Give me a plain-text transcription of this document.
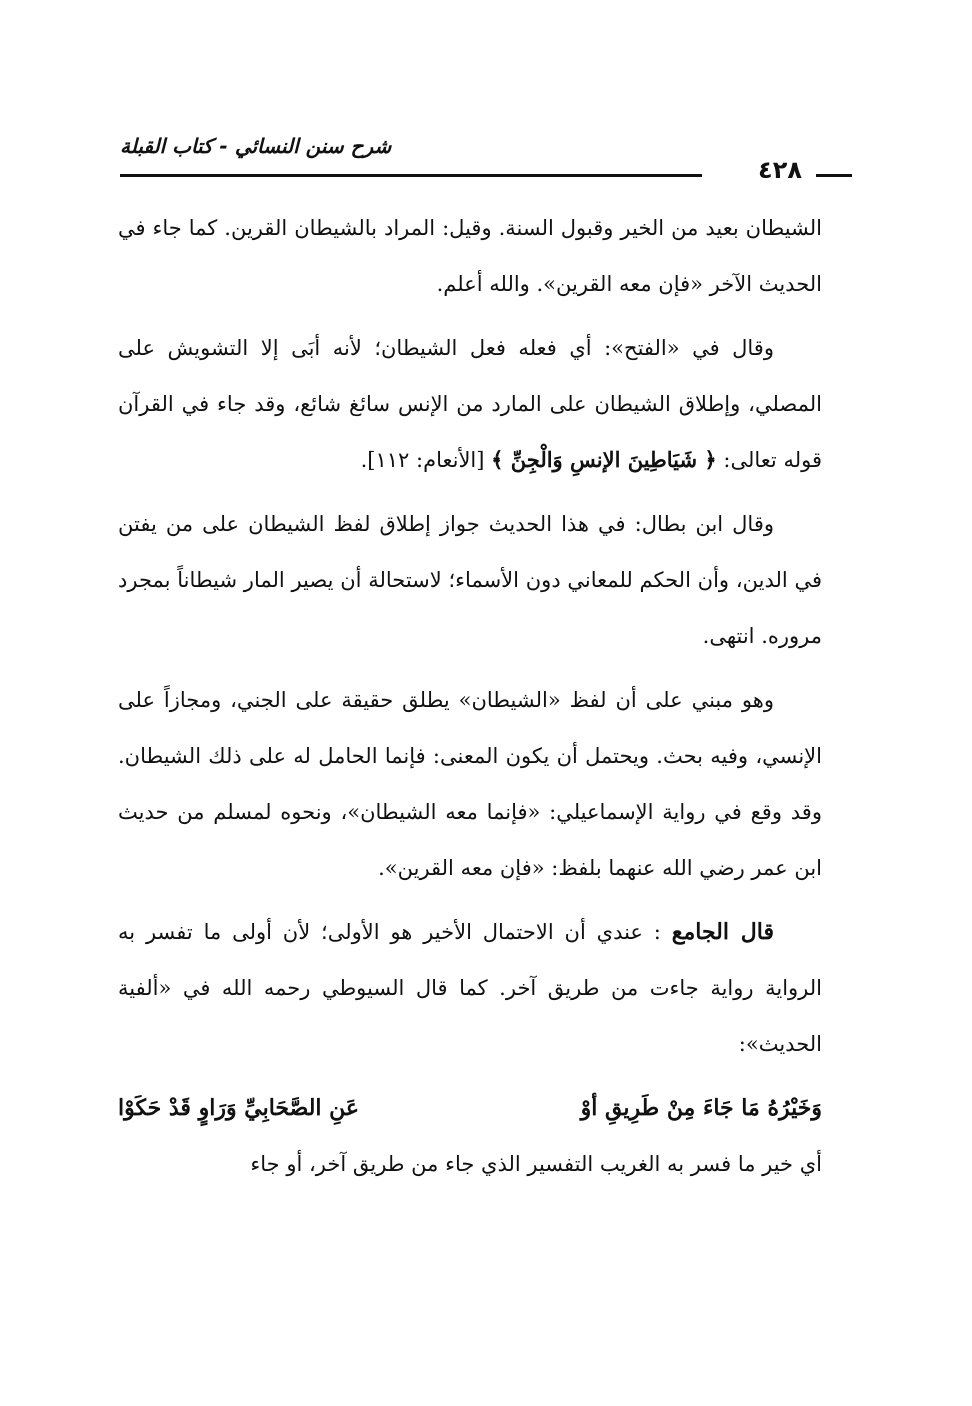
شرح سنن النسائي - كتاب القبلة
٤٢٨

الشيطان بعيد من الخير وقبول السنة. وقيل: المراد بالشيطان القرين. كما جاء في الحديث الآخر «فإن معه القرين». والله أعلم.

وقال في «الفتح»: أي فعله فعل الشيطان؛ لأنه أبَى إلا التشويش على المصلي، وإطلاق الشيطان على المارد من الإنس سائغ شائع، وقد جاء في القرآن قوله تعالى: ﴿ شَيَاطِينَ الإنسِ وَالْجِنِّ ﴾ [الأنعام: ١١٢].

وقال ابن بطال: في هذا الحديث جواز إطلاق لفظ الشيطان على من يفتن في الدين، وأن الحكم للمعاني دون الأسماء؛ لاستحالة أن يصير المار شيطاناً بمجرد مروره. انتهى.

وهو مبني على أن لفظ «الشيطان» يطلق حقيقة على الجني، ومجازاً على الإنسي، وفيه بحث. ويحتمل أن يكون المعنى: فإنما الحامل له على ذلك الشيطان. وقد وقع في رواية الإسماعيلي: «فإنما معه الشيطان»، ونحوه لمسلم من حديث ابن عمر رضي الله عنهما بلفظ: «فإن معه القرين».

قال الجامع : عندي أن الاحتمال الأخير هو الأولى؛ لأن أولى ما تفسر به الرواية رواية جاءت من طريق آخر. كما قال السيوطي رحمه الله في «ألفية الحديث»:

وَخَيْرُهُ مَا جَاءَ مِنْ طَرِيقِ أوْ
عَنِ الصَّحَابِيِّ وَرَاوٍ قَدْ حَكَوْا

أي خير ما فسر به الغريب التفسير الذي جاء من طريق آخر، أو جاء
